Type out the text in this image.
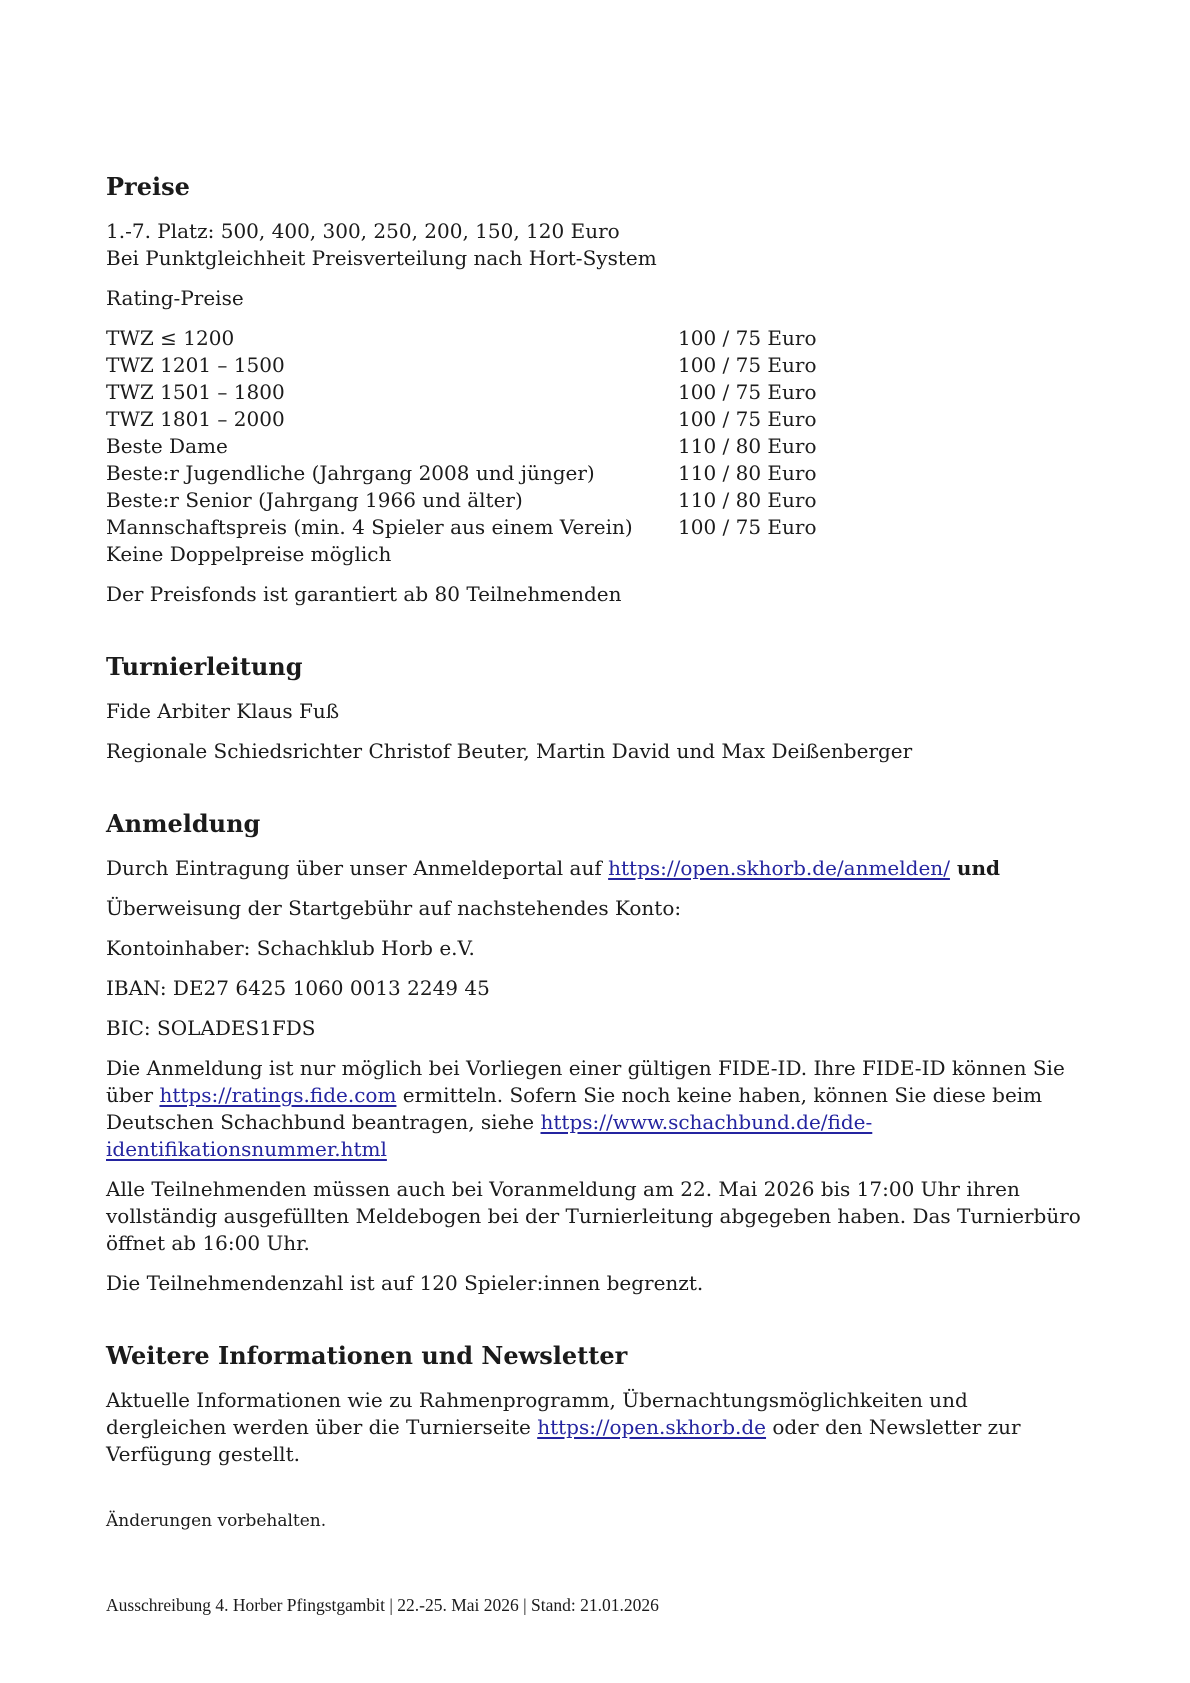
Preise

1.-7. Platz: 500, 400, 300, 250, 200, 150, 120 Euro
Bei Punktgleichheit Preisverteilung nach Hort-System

Rating-Preise

TWZ ≤ 1200	100 / 75 Euro
TWZ 1201 – 1500	100 / 75 Euro
TWZ 1501 – 1800	100 / 75 Euro
TWZ 1801 – 2000	100 / 75 Euro
Beste Dame	110 / 80 Euro
Beste:r Jugendliche (Jahrgang 2008 und jünger)	110 / 80 Euro
Beste:r Senior (Jahrgang 1966 und älter)	110 / 80 Euro
Mannschaftspreis (min. 4 Spieler aus einem Verein)	100 / 75 Euro
Keine Doppelpreise möglich

Der Preisfonds ist garantiert ab 80 Teilnehmenden

Turnierleitung

Fide Arbiter Klaus Fuß

Regionale Schiedsrichter Christof Beuter, Martin David und Max Deißenberger

Anmeldung

Durch Eintragung über unser Anmeldeportal auf https://open.skhorb.de/anmelden/ und

Überweisung der Startgebühr auf nachstehendes Konto:

Kontoinhaber: Schachklub Horb e.V.

IBAN: DE27 6425 1060 0013 2249 45

BIC: SOLADES1FDS

Die Anmeldung ist nur möglich bei Vorliegen einer gültigen FIDE-ID. Ihre FIDE-ID können Sie über https://ratings.fide.com ermitteln. Sofern Sie noch keine haben, können Sie diese beim Deutschen Schachbund beantragen, siehe https://www.schachbund.de/fide-identifikationsnummer.html

Alle Teilnehmenden müssen auch bei Voranmeldung am 22. Mai 2026 bis 17:00 Uhr ihren vollständig ausgefüllten Meldebogen bei der Turnierleitung abgegeben haben. Das Turnierbüro öffnet ab 16:00 Uhr.

Die Teilnehmendenzahl ist auf 120 Spieler:innen begrenzt.

Weitere Informationen und Newsletter

Aktuelle Informationen wie zu Rahmenprogramm, Übernachtungsmöglichkeiten und dergleichen werden über die Turnierseite https://open.skhorb.de oder den Newsletter zur Verfügung gestellt.

Änderungen vorbehalten.

Ausschreibung 4. Horber Pfingstgambit | 22.-25. Mai 2026 | Stand: 21.01.2026
